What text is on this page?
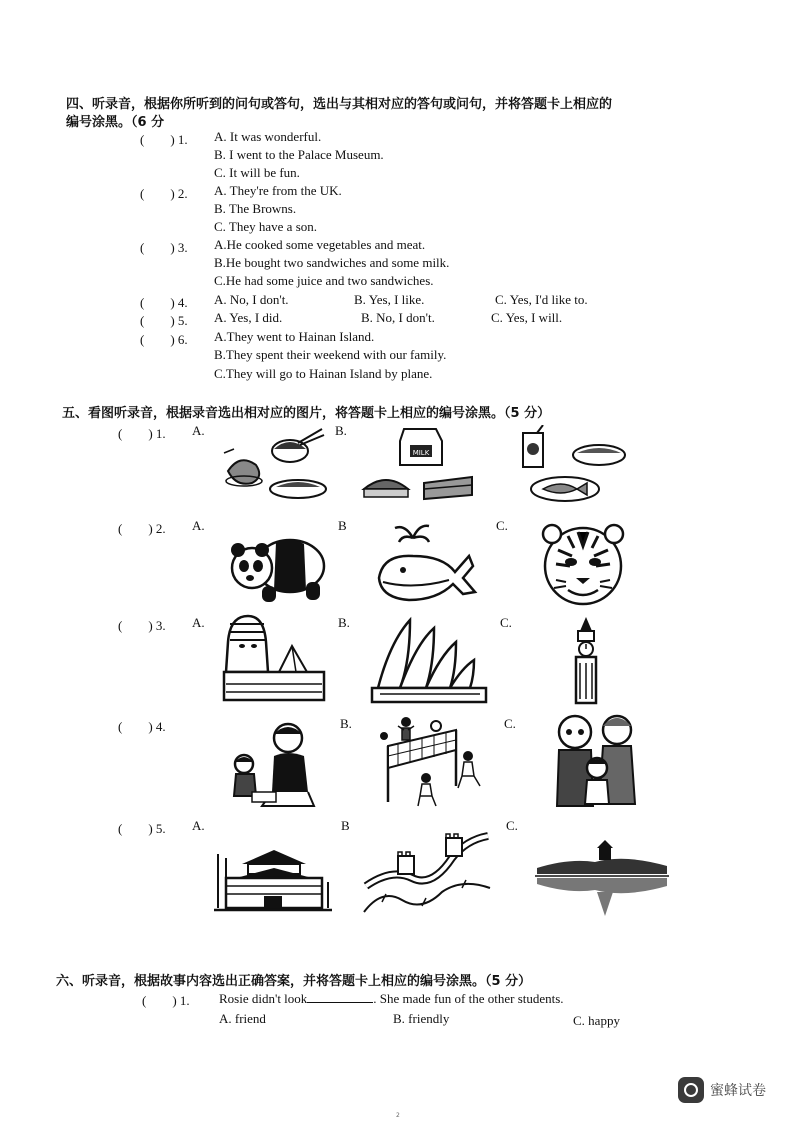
四、听录音，根据你所听到的问句或答句，选出与其相对应的答句或问句，并将答题卡上相应的
编号涂黑。（6 分
(　　) 1. A. It was wonderful.
B. I went to the Palace Museum.
C. It will be fun.
(　　) 2. A. They're from the UK.
B. The Browns.
C. They have a son.
(　　) 3. A.He cooked some vegetables and meat.
B.He bought two sandwiches and some milk.
C.He had some juice and two sandwiches.
(　　) 4. A. No, I don't.	B. Yes, I like.	C. Yes, I'd like to.
(　　) 5. A. Yes, I did.	B. No, I don't.	C. Yes, I will.
(　　) 6. A.They went to Hainan Island.
B.They spent their weekend with our family.
C.They will go to Hainan Island by plane.
五、看图听录音，根据录音选出相对应的图片，将答题卡上相应的编号涂黑。（5 分）
(　　) 1. A.	B.
MILK
(　　) 2. A.	B	C.
(　　) 3. A.	B.	C.
(　　) 4.	B.	C.
(　　) 5. A.	B	C.
六、听录音，根据故事内容选出正确答案，并将答题卡上相应的编号涂黑。（5 分）
(　　) 1. Rosie didn't look	. She made fun of the other students.
A. friend	B. friendly	C. happy
2
蜜蜂试卷
